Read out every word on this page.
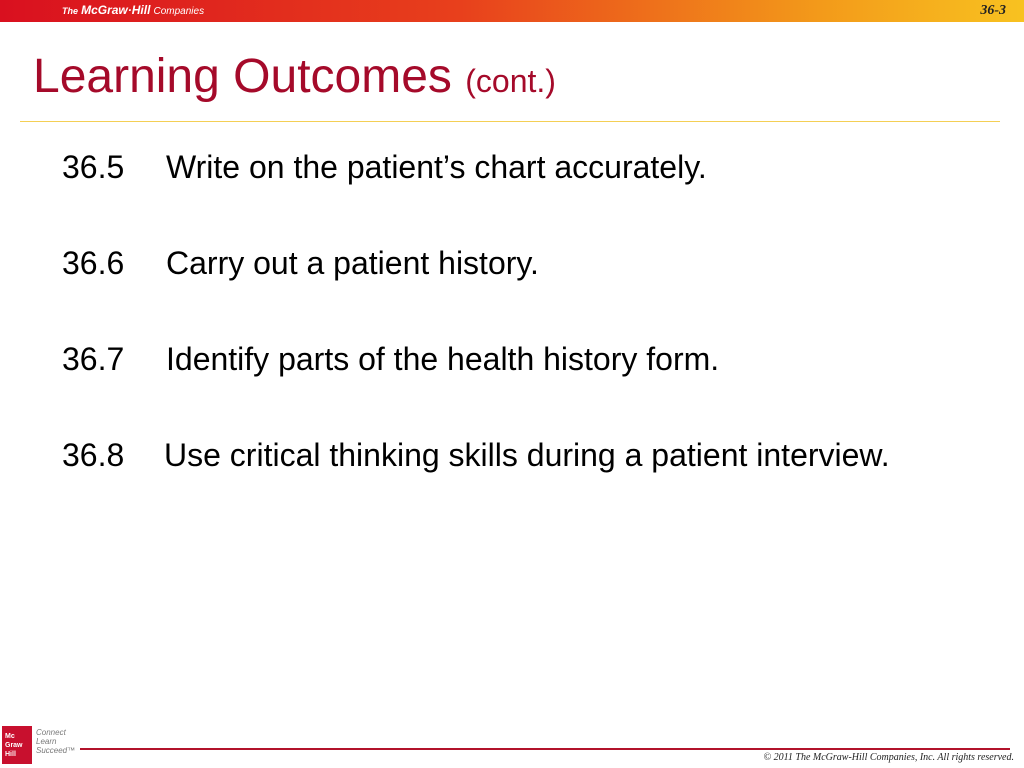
The McGraw·Hill Companies	36-3
Learning Outcomes (cont.)
36.5	Write on the patient’s chart accurately.
36.6	Carry out a patient history.
36.7	Identify parts of the health history form.
36.8	Use critical thinking skills during a patient interview.
Mc
Graw
Hill
Connect
Learn
Succeed™
© 2011 The McGraw-Hill Companies, Inc. All rights reserved.
